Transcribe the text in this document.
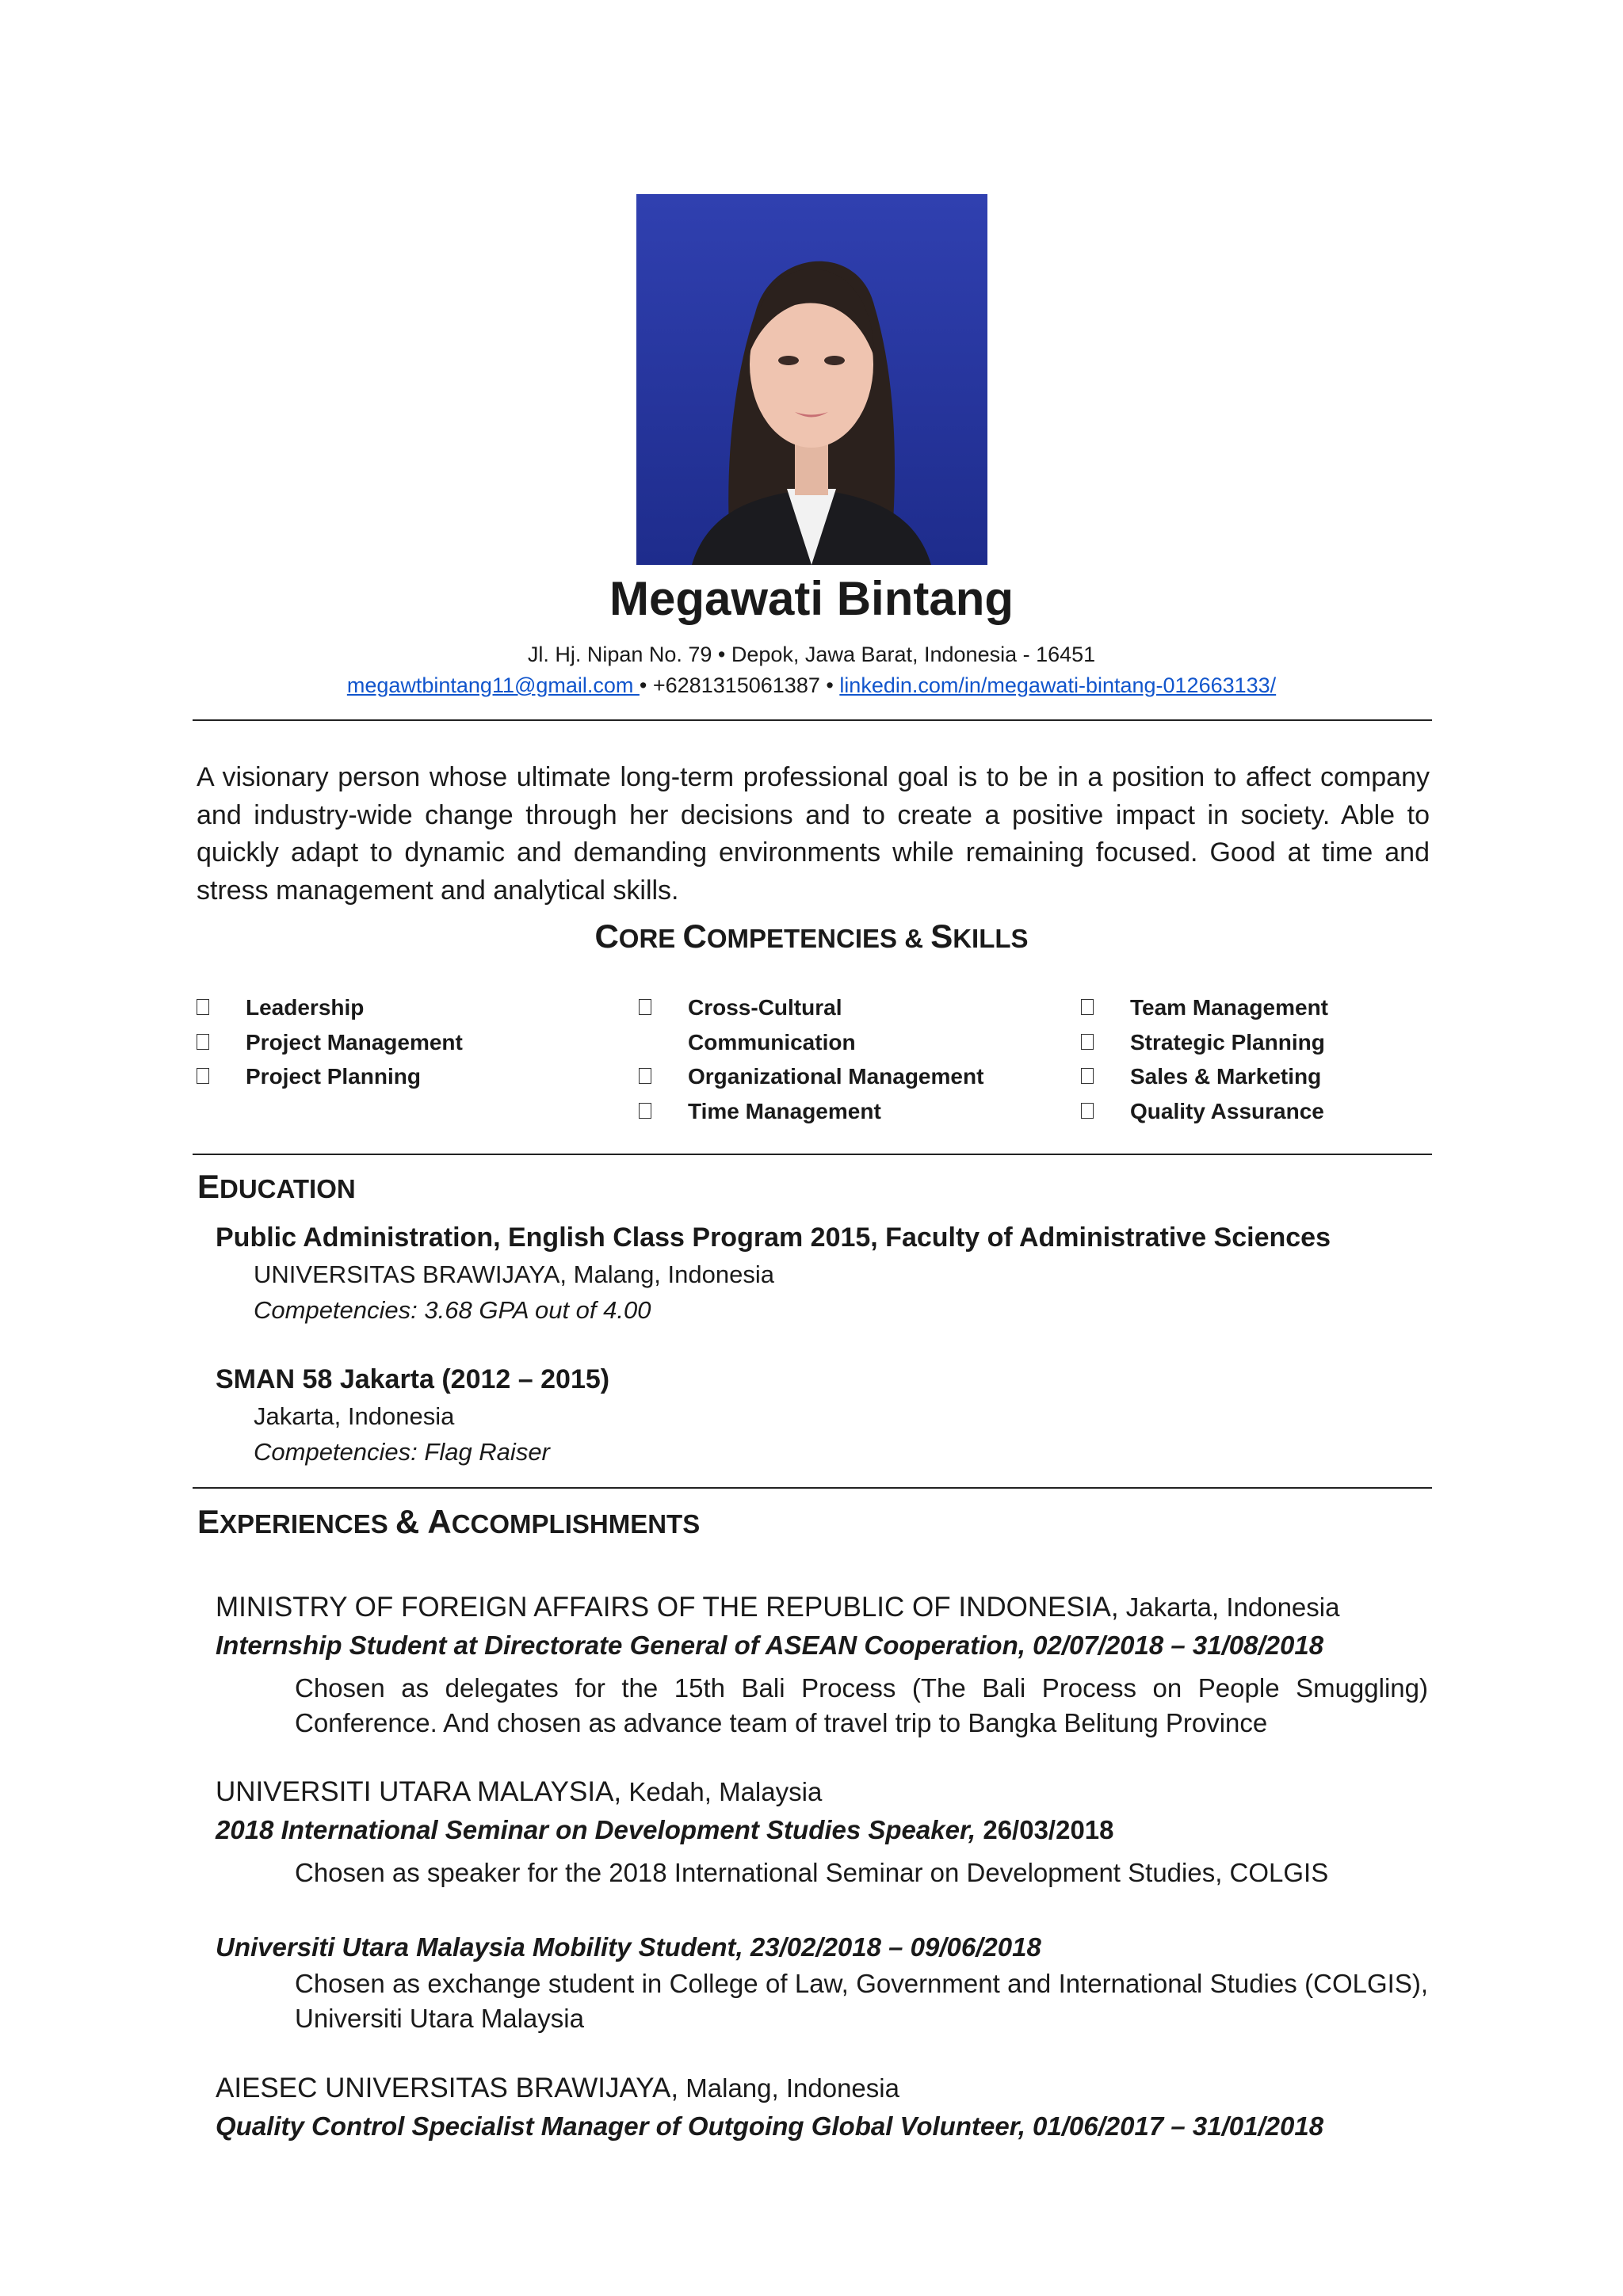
Megawati Bintang
Jl. Hj. Nipan No. 79 • Depok, Jawa Barat, Indonesia - 16451
megawtbintang11@gmail.com • +6281315061387 • linkedin.com/in/megawati-bintang-012663133/
A visionary person whose ultimate long-term professional goal is to be in a position to affect company and industry-wide change through her decisions and to create a positive impact in society. Able to quickly adapt to dynamic and demanding environments while remaining focused. Good at time and stress management and analytical skills.
CORE COMPETENCIES & SKILLS
Leadership
Project Management
Project Planning
Cross-Cultural
Communication
Organizational Management
Time Management
Team Management
Strategic Planning
Sales & Marketing
Quality Assurance
EDUCATION
Public Administration, English Class Program 2015, Faculty of Administrative Sciences
UNIVERSITAS BRAWIJAYA, Malang, Indonesia
Competencies: 3.68 GPA out of 4.00
SMAN 58 Jakarta (2012 – 2015)
Jakarta, Indonesia
Competencies: Flag Raiser
EXPERIENCES & ACCOMPLISHMENTS
MINISTRY OF FOREIGN AFFAIRS OF THE REPUBLIC OF INDONESIA, Jakarta, Indonesia
Internship Student at Directorate General of ASEAN Cooperation, 02/07/2018 – 31/08/2018
Chosen as delegates for the 15th Bali Process (The Bali Process on People Smuggling) Conference. And chosen as advance team of travel trip to Bangka Belitung Province
UNIVERSITI UTARA MALAYSIA, Kedah, Malaysia
2018 International Seminar on Development Studies Speaker, 26/03/2018
Chosen as speaker for the 2018 International Seminar on Development Studies, COLGIS
Universiti Utara Malaysia Mobility Student, 23/02/2018 – 09/06/2018
Chosen as exchange student in College of Law, Government and International Studies (COLGIS), Universiti Utara Malaysia
AIESEC UNIVERSITAS BRAWIJAYA, Malang, Indonesia
Quality Control Specialist Manager of Outgoing Global Volunteer, 01/06/2017 – 31/01/2018
